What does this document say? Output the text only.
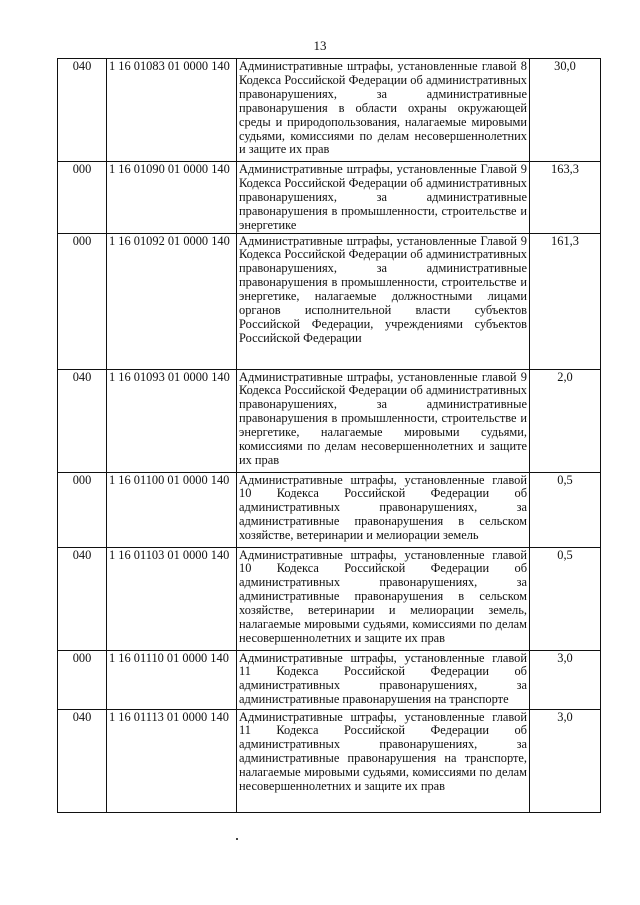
13
040	1 16 01083 01 0000 140	Административные штрафы, установленные главой 8 Кодекса Российской Федерации об административных правонарушениях, за административные правонарушения в области охраны окружающей среды и природопользования, налагаемые мировыми судьями, комиссиями по делам несовершеннолетних и защите их прав	30,0
000	1 16 01090 01 0000 140	Административные штрафы, установленные Главой 9 Кодекса Российской Федерации об административных правонарушениях, за административные правонарушения в промышленности, строительстве и энергетике	163,3
000	1 16 01092 01 0000 140	Административные штрафы, установленные Главой 9 Кодекса Российской Федерации об административных правонарушениях, за административные правонарушения в промышленности, строительстве и энергетике, налагаемые должностными лицами органов исполнительной власти субъектов Российской Федерации, учреждениями субъектов Российской Федерации	161,3
040	1 16 01093 01 0000 140	Административные штрафы, установленные главой 9 Кодекса Российской Федерации об административных правонарушениях, за административные правонарушения в промышленности, строительстве и энергетике, налагаемые мировыми судьями, комиссиями по делам несовершеннолетних и защите их прав	2,0
000	1 16 01100 01 0000 140	Административные штрафы, установленные главой 10 Кодекса Российской Федерации об административных правонарушениях, за административные правонарушения в сельском хозяйстве, ветеринарии и мелиорации земель	0,5
040	1 16 01103 01 0000 140	Административные штрафы, установленные главой 10 Кодекса Российской Федерации об административных правонарушениях, за административные правонарушения в сельском хозяйстве, ветеринарии и мелиорации земель, налагаемые мировыми судьями, комиссиями по делам несовершеннолетних и защите их прав	0,5
000	1 16 01110 01 0000 140	Административные штрафы, установленные главой 11 Кодекса Российской Федерации об административных правонарушениях, за административные правонарушения на транспорте	3,0
040	1 16 01113 01 0000 140	Административные штрафы, установленные главой 11 Кодекса Российской Федерации об административных правонарушениях, за административные правонарушения на транспорте, налагаемые мировыми судьями, комиссиями по делам несовершеннолетних и защите их прав	3,0
